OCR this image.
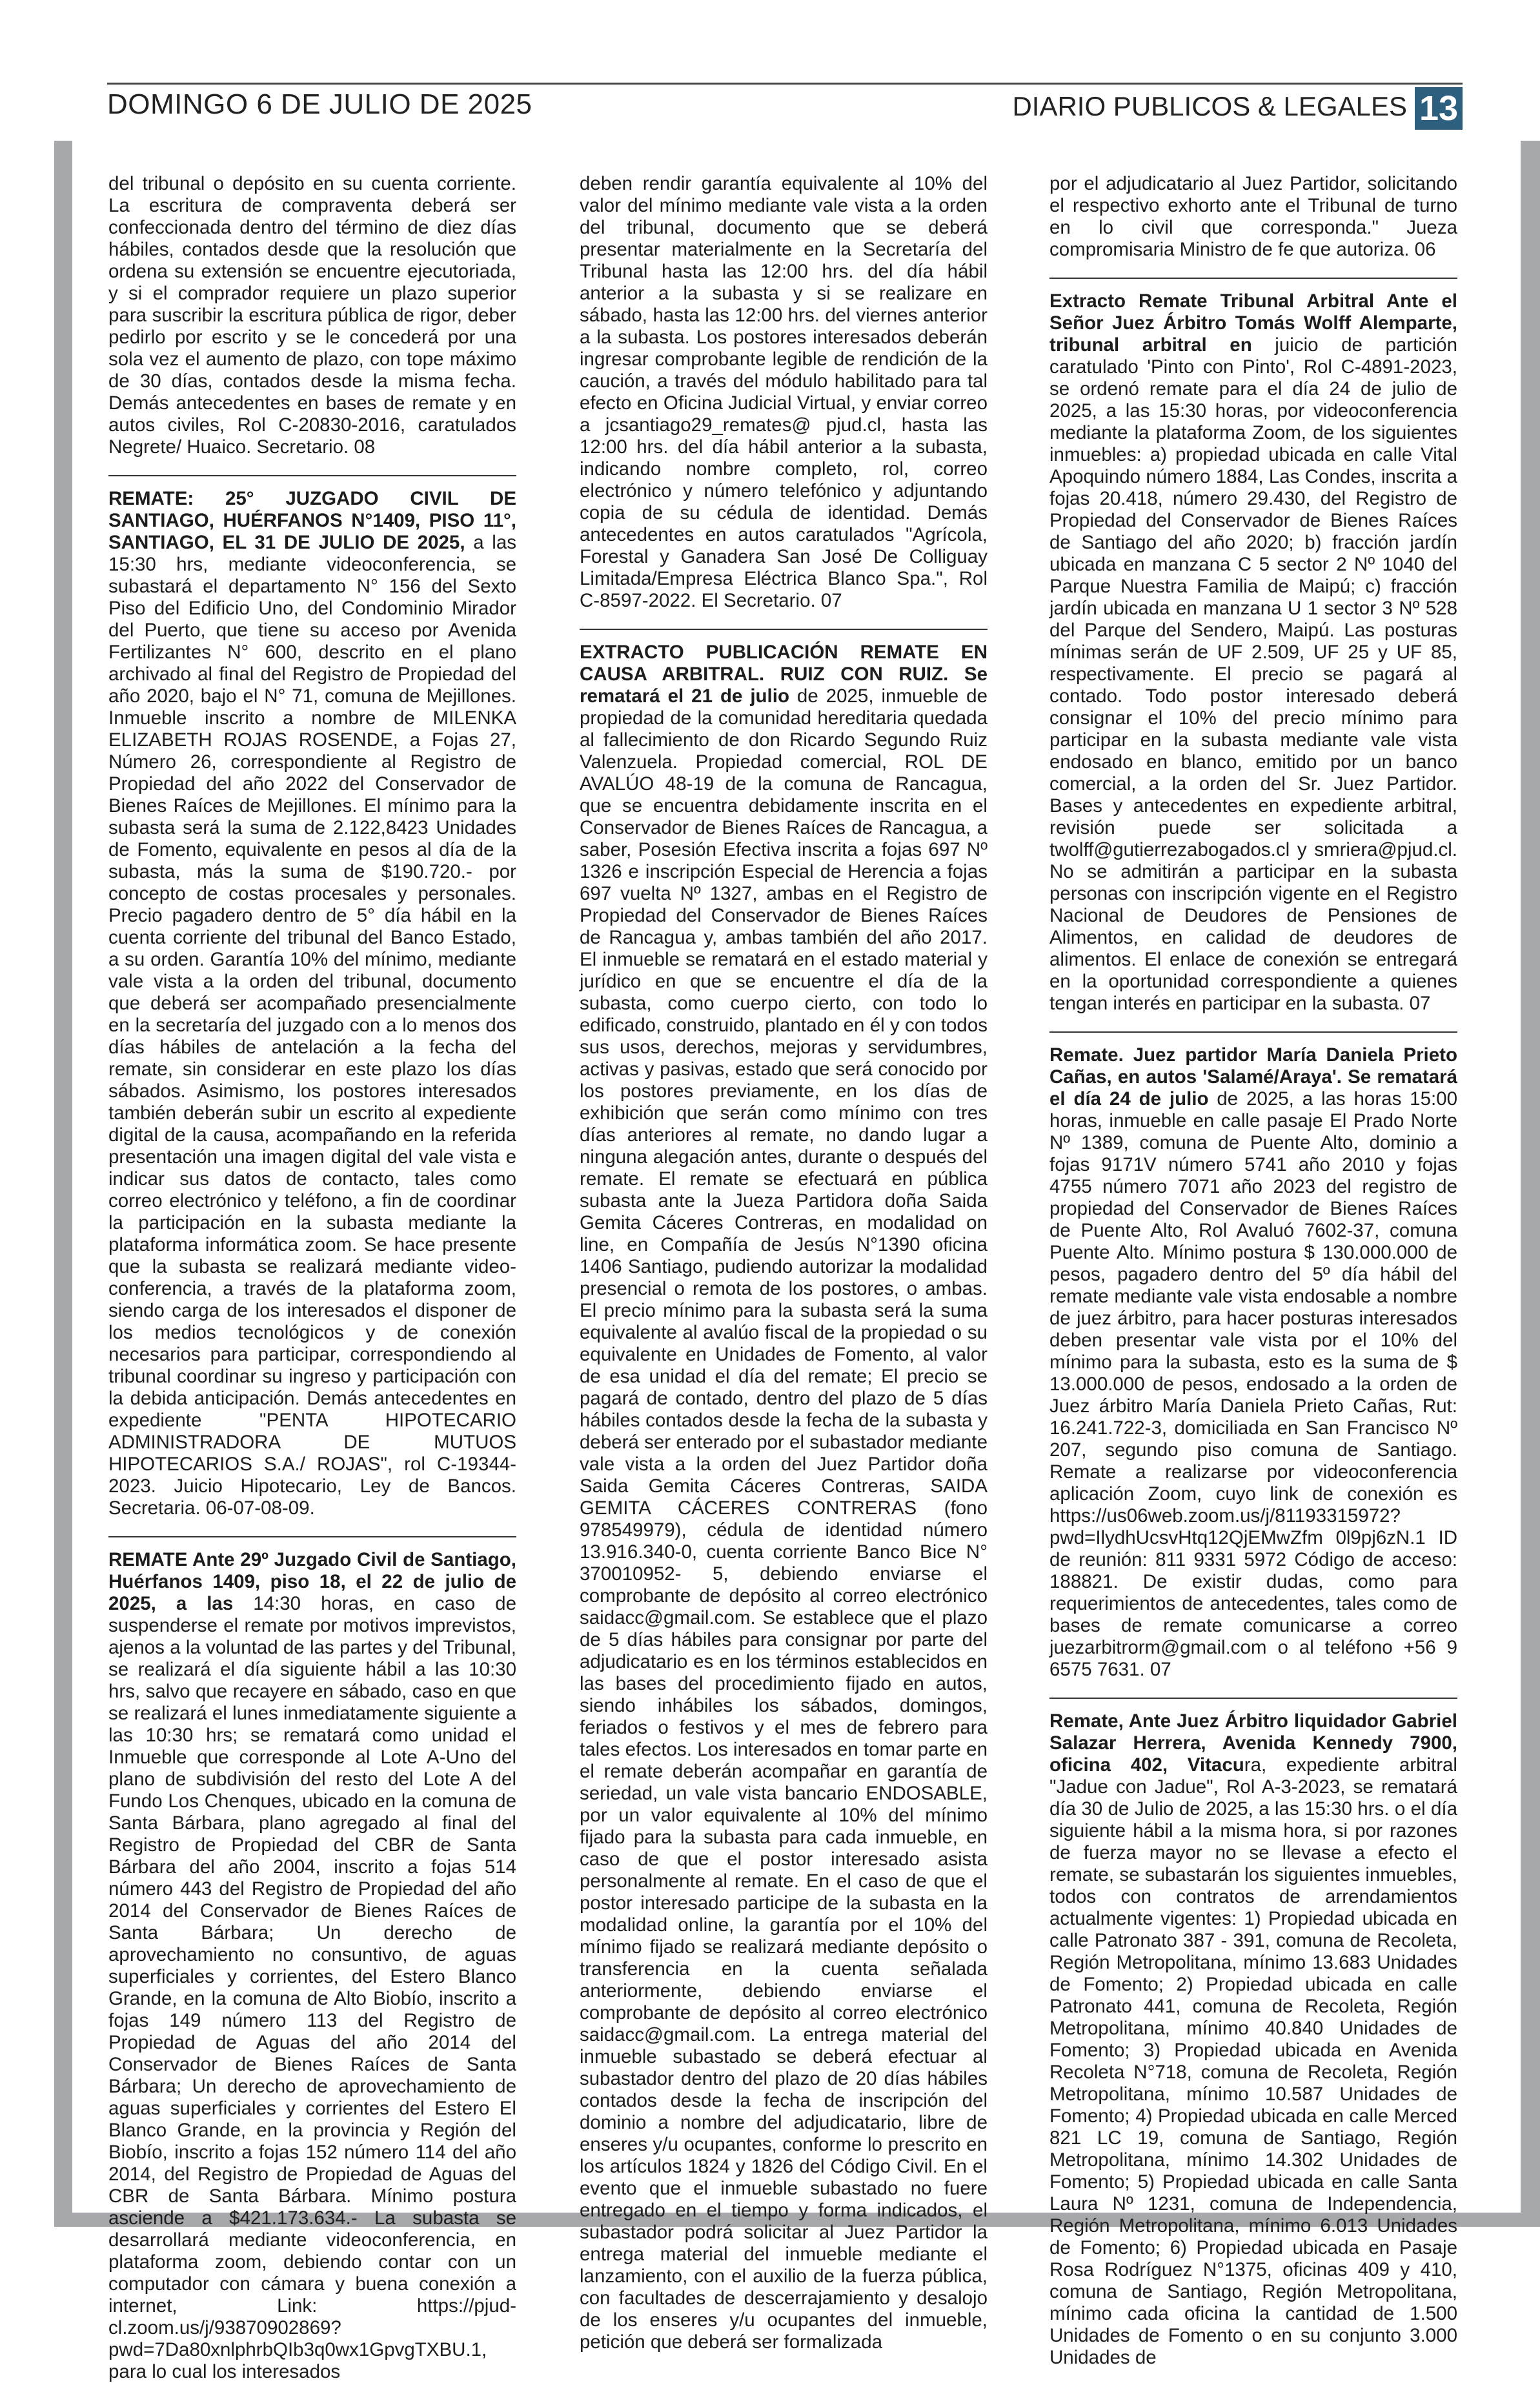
DOMINGO 6 DE JULIO DE 2025	DIARIO PUBLICOS & LEGALES 13

del tribunal o depósito en su cuenta corriente. La escritura de compraventa deberá ser confeccionada dentro del término de diez días hábiles, contados desde que la resolución que ordena su extensión se encuentre ejecutoriada, y si el comprador requiere un plazo superior para suscribir la escritura pública de rigor, deber pedirlo por escrito y se le concederá por una sola vez el aumento de plazo, con tope máximo de 30 días, contados desde la misma fecha. Demás antecedentes en bases de remate y en autos civiles, Rol C-20830-2016, caratulados Negrete/ Huaico. Secretario. 08

REMATE: 25° JUZGADO CIVIL DE SANTIAGO, HUÉRFANOS N°1409, PISO 11°, SANTIAGO, EL 31 DE JULIO DE 2025, a las 15:30 hrs, mediante videoconferencia, se subastará el departamento N° 156 del Sexto Piso del Edificio Uno, del Condominio Mirador del Puerto, que tiene su acceso por Avenida Fertilizantes N° 600, descrito en el plano archivado al final del Registro de Propiedad del año 2020, bajo el N° 71, comuna de Mejillones. Inmueble inscrito a nombre de MILENKA ELIZABETH ROJAS ROSENDE, a Fojas 27, Número 26, correspondiente al Registro de Propiedad del año 2022 del Conservador de Bienes Raíces de Mejillones. El mínimo para la subasta será la suma de 2.122,8423 Unidades de Fomento, equivalente en pesos al día de la subasta, más la suma de $190.720.- por concepto de costas procesales y personales. Precio pagadero dentro de 5° día hábil en la cuenta corriente del tribunal del Banco Estado, a su orden. Garantía 10% del mínimo, mediante vale vista a la orden del tribunal, documento que deberá ser acompañado presencialmente en la secretaría del juzgado con a lo menos dos días hábiles de antelación a la fecha del remate, sin considerar en este plazo los días sábados. Asimismo, los postores interesados también deberán subir un escrito al expediente digital de la causa, acompañando en la referida presentación una imagen digital del vale vista e indicar sus datos de contacto, tales como correo electrónico y teléfono, a fin de coordinar la participación en la subasta mediante la plataforma informática zoom. Se hace presente que la subasta se realizará mediante video- conferencia, a través de la plataforma zoom, siendo carga de los interesados el disponer de los medios tecnológicos y de conexión necesarios para participar, correspondiendo al tribunal coordinar su ingreso y participación con la debida anticipación. Demás antecedentes en expediente "PENTA HIPOTECARIO ADMINISTRADORA DE MUTUOS HIPOTECARIOS S.A./ ROJAS", rol C-19344-2023. Juicio Hipotecario, Ley de Bancos. Secretaria. 06-07-08-09.

REMATE Ante 29º Juzgado Civil de Santiago, Huérfanos 1409, piso 18, el 22 de julio de 2025, a las 14:30 horas, en caso de suspenderse el remate por motivos imprevistos, ajenos a la voluntad de las partes y del Tribunal, se realizará el día siguiente hábil a las 10:30 hrs, salvo que recayere en sábado, caso en que se realizará el lunes inmediatamente siguiente a las 10:30 hrs; se rematará como unidad el Inmueble que corresponde al Lote A-Uno del plano de subdivisión del resto del Lote A del Fundo Los Chenques, ubicado en la comuna de Santa Bárbara, plano agregado al final del Registro de Propiedad del CBR de Santa Bárbara del año 2004, inscrito a fojas 514 número 443 del Registro de Propiedad del año 2014 del Conservador de Bienes Raíces de Santa Bárbara; Un derecho de aprovechamiento no consuntivo, de aguas superficiales y corrientes, del Estero Blanco Grande, en la comuna de Alto Biobío, inscrito a fojas 149 número 113 del Registro de Propiedad de Aguas del año 2014 del Conservador de Bienes Raíces de Santa Bárbara; Un derecho de aprovechamiento de aguas superficiales y corrientes del Estero El Blanco Grande, en la provincia y Región del Biobío, inscrito a fojas 152 número 114 del año 2014, del Registro de Propiedad de Aguas del CBR de Santa Bárbara. Mínimo postura asciende a $421.173.634.- La subasta se desarrollará mediante videoconferencia, en plataforma zoom, debiendo contar con un computador con cámara y buena conexión a internet, Link: https://pjud-cl.zoom.us/j/93870902869?pwd=7Da80xnlphrbQIb3q0wx1GpvgTXBU.1, para lo cual los interesados

deben rendir garantía equivalente al 10% del valor del mínimo mediante vale vista a la orden del tribunal, documento que se deberá presentar materialmente en la Secretaría del Tribunal hasta las 12:00 hrs. del día hábil anterior a la subasta y si se realizare en sábado, hasta las 12:00 hrs. del viernes anterior a la subasta. Los postores interesados deberán ingresar comprobante legible de rendición de la caución, a través del módulo habilitado para tal efecto en Oficina Judicial Virtual, y enviar correo a jcsantiago29_remates@ pjud.cl, hasta las 12:00 hrs. del día hábil anterior a la subasta, indicando nombre completo, rol, correo electrónico y número telefónico y adjuntando copia de su cédula de identidad. Demás antecedentes en autos caratulados "Agrícola, Forestal y Ganadera San José De Colliguay Limitada/Empresa Eléctrica Blanco Spa.", Rol C-8597-2022. El Secretario. 07

EXTRACTO PUBLICACIÓN REMATE EN CAUSA ARBITRAL. RUIZ CON RUIZ. Se rematará el 21 de julio de 2025, inmueble de propiedad de la comunidad hereditaria quedada al fallecimiento de don Ricardo Segundo Ruiz Valenzuela. Propiedad comercial, ROL DE AVALÚO 48-19 de la comuna de Rancagua, que se encuentra debidamente inscrita en el Conservador de Bienes Raíces de Rancagua, a saber, Posesión Efectiva inscrita a fojas 697 Nº 1326 e inscripción Especial de Herencia a fojas 697 vuelta Nº 1327, ambas en el Registro de Propiedad del Conservador de Bienes Raíces de Rancagua y, ambas también del año 2017. El inmueble se rematará en el estado material y jurídico en que se encuentre el día de la subasta, como cuerpo cierto, con todo lo edificado, construido, plantado en él y con todos sus usos, derechos, mejoras y servidumbres, activas y pasivas, estado que será conocido por los postores previamente, en los días de exhibición que serán como mínimo con tres días anteriores al remate, no dando lugar a ninguna alegación antes, durante o después del remate. El remate se efectuará en pública subasta ante la Jueza Partidora doña Saida Gemita Cáceres Contreras, en modalidad on line, en Compañía de Jesús N°1390 oficina 1406 Santiago, pudiendo autorizar la modalidad presencial o remota de los postores, o ambas. El precio mínimo para la subasta será la suma equivalente al avalúo fiscal de la propiedad o su equivalente en Unidades de Fomento, al valor de esa unidad el día del remate; El precio se pagará de contado, dentro del plazo de 5 días hábiles contados desde la fecha de la subasta y deberá ser enterado por el subastador mediante vale vista a la orden del Juez Partidor doña Saida Gemita Cáceres Contreras, SAIDA GEMITA CÁCERES CONTRERAS (fono 978549979), cédula de identidad número 13.916.340-0, cuenta corriente Banco Bice N° 370010952- 5, debiendo enviarse el comprobante de depósito al correo electrónico saidacc@gmail.com. Se establece que el plazo de 5 días hábiles para consignar por parte del adjudicatario es en los términos establecidos en las bases del procedimiento fijado en autos, siendo inhábiles los sábados, domingos, feriados o festivos y el mes de febrero para tales efectos. Los interesados en tomar parte en el remate deberán acompañar en garantía de seriedad, un vale vista bancario ENDOSABLE, por un valor equivalente al 10% del mínimo fijado para la subasta para cada inmueble, en caso de que el postor interesado asista personalmente al remate. En el caso de que el postor interesado participe de la subasta en la modalidad online, la garantía por el 10% del mínimo fijado se realizará mediante depósito o transferencia en la cuenta señalada anteriormente, debiendo enviarse el comprobante de depósito al correo electrónico saidacc@gmail.com. La entrega material del inmueble subastado se deberá efectuar al subastador dentro del plazo de 20 días hábiles contados desde la fecha de inscripción del dominio a nombre del adjudicatario, libre de enseres y/u ocupantes, conforme lo prescrito en los artículos 1824 y 1826 del Código Civil. En el evento que el inmueble subastado no fuere entregado en el tiempo y forma indicados, el subastador podrá solicitar al Juez Partidor la entrega material del inmueble mediante el lanzamiento, con el auxilio de la fuerza pública, con facultades de descerrajamiento y desalojo de los enseres y/u ocupantes del inmueble, petición que deberá ser formalizada

por el adjudicatario al Juez Partidor, solicitando el respectivo exhorto ante el Tribunal de turno en lo civil que corresponda." Jueza compromisaria Ministro de fe que autoriza. 06

Extracto Remate Tribunal Arbitral Ante el Señor Juez Árbitro Tomás Wolff Alemparte, tribunal arbitral en juicio de partición caratulado 'Pinto con Pinto', Rol C-4891-2023, se ordenó remate para el día 24 de julio de 2025, a las 15:30 horas, por videoconferencia mediante la plataforma Zoom, de los siguientes inmuebles: a) propiedad ubicada en calle Vital Apoquindo número 1884, Las Condes, inscrita a fojas 20.418, número 29.430, del Registro de Propiedad del Conservador de Bienes Raíces de Santiago del año 2020; b) fracción jardín ubicada en manzana C 5 sector 2 Nº 1040 del Parque Nuestra Familia de Maipú; c) fracción jardín ubicada en manzana U 1 sector 3 Nº 528 del Parque del Sendero, Maipú. Las posturas mínimas serán de UF 2.509, UF 25 y UF 85, respectivamente. El precio se pagará al contado. Todo postor interesado deberá consignar el 10% del precio mínimo para participar en la subasta mediante vale vista endosado en blanco, emitido por un banco comercial, a la orden del Sr. Juez Partidor. Bases y antecedentes en expediente arbitral, revisión puede ser solicitada a twolff@gutierrezabogados.cl y smriera@pjud.cl. No se admitirán a participar en la subasta personas con inscripción vigente en el Registro Nacional de Deudores de Pensiones de Alimentos, en calidad de deudores de alimentos. El enlace de conexión se entregará en la oportunidad correspondiente a quienes tengan interés en participar en la subasta. 07

Remate. Juez partidor María Daniela Prieto Cañas, en autos 'Salamé/Araya'. Se rematará el día 24 de julio de 2025, a las horas 15:00 horas, inmueble en calle pasaje El Prado Norte Nº 1389, comuna de Puente Alto, dominio a fojas 9171V número 5741 año 2010 y fojas 4755 número 7071 año 2023 del registro de propiedad del Conservador de Bienes Raíces de Puente Alto, Rol Avaluó 7602-37, comuna Puente Alto. Mínimo postura $ 130.000.000 de pesos, pagadero dentro del 5º día hábil del remate mediante vale vista endosable a nombre de juez árbitro, para hacer posturas interesados deben presentar vale vista por el 10% del mínimo para la subasta, esto es la suma de $ 13.000.000 de pesos, endosado a la orden de Juez árbitro María Daniela Prieto Cañas, Rut: 16.241.722-3, domiciliada en San Francisco Nº 207, segundo piso comuna de Santiago. Remate a realizarse por videoconferencia aplicación Zoom, cuyo link de conexión es https://us06web.zoom.us/j/81193315972?pwd=IlydhUcsvHtq12QjEMwZfm 0l9pj6zN.1 ID de reunión: 811 9331 5972 Código de acceso: 188821. De existir dudas, como para requerimientos de antecedentes, tales como de bases de remate comunicarse a correo juezarbitrorm@gmail.com o al teléfono +56 9 6575 7631. 07

Remate, Ante Juez Árbitro liquidador Gabriel Salazar Herrera, Avenida Kennedy 7900, oficina 402, Vitacura, expediente arbitral "Jadue con Jadue", Rol A-3-2023, se rematará día 30 de Julio de 2025, a las 15:30 hrs. o el día siguiente hábil a la misma hora, si por razones de fuerza mayor no se llevase a efecto el remate, se subastarán los siguientes inmuebles, todos con contratos de arrendamientos actualmente vigentes: 1) Propiedad ubicada en calle Patronato 387 - 391, comuna de Recoleta, Región Metropolitana, mínimo 13.683 Unidades de Fomento; 2) Propiedad ubicada en calle Patronato 441, comuna de Recoleta, Región Metropolitana, mínimo 40.840 Unidades de Fomento; 3) Propiedad ubicada en Avenida Recoleta N°718, comuna de Recoleta, Región Metropolitana, mínimo 10.587 Unidades de Fomento; 4) Propiedad ubicada en calle Merced 821 LC 19, comuna de Santiago, Región Metropolitana, mínimo 14.302 Unidades de Fomento; 5) Propiedad ubicada en calle Santa Laura Nº 1231, comuna de Independencia, Región Metropolitana, mínimo 6.013 Unidades de Fomento; 6) Propiedad ubicada en Pasaje Rosa Rodríguez N°1375, oficinas 409 y 410, comuna de Santiago, Región Metropolitana, mínimo cada oficina la cantidad de 1.500 Unidades de Fomento o en su conjunto 3.000 Unidades de
